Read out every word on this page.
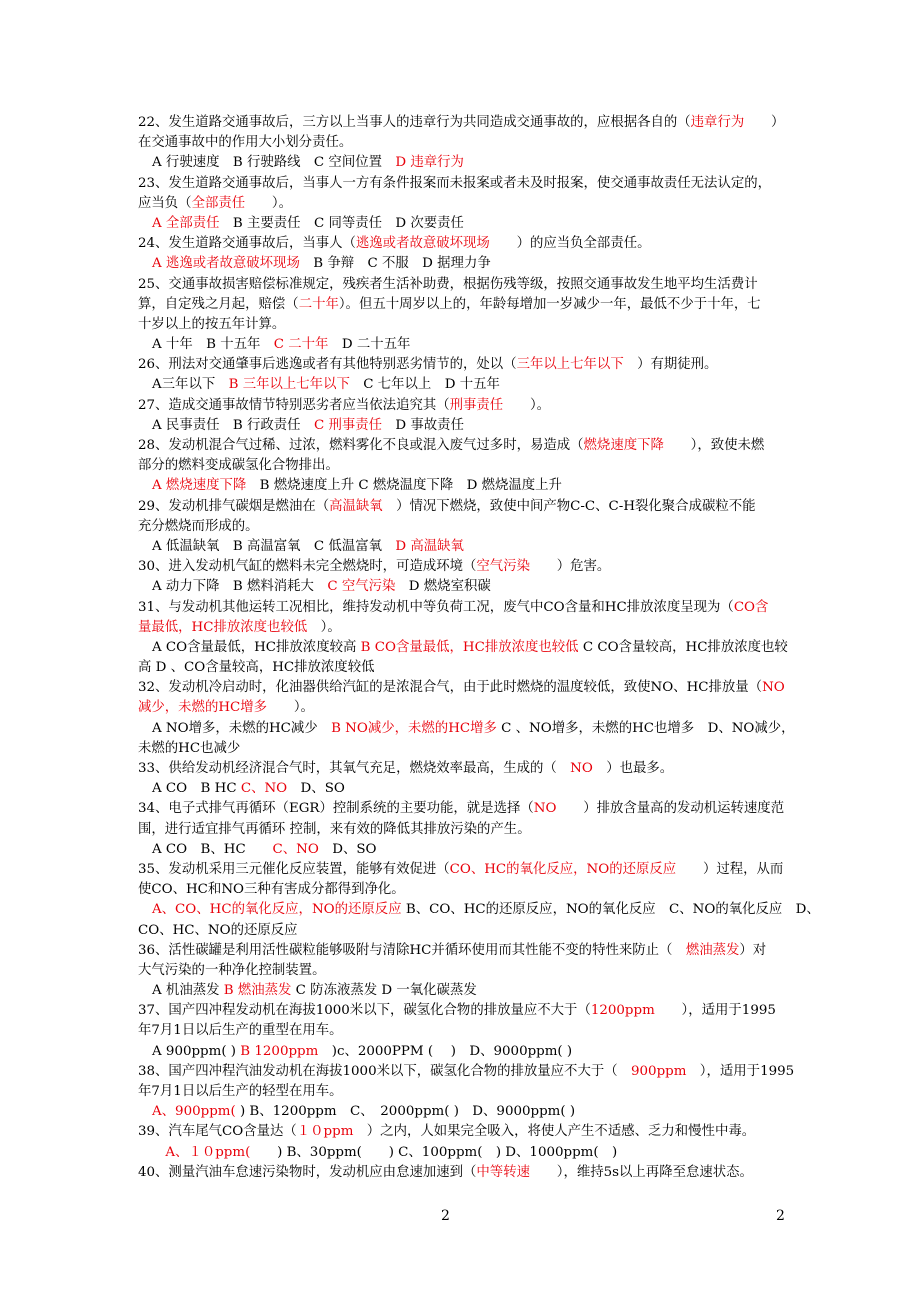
22、发生道路交通事故后，三方以上当事人的违章行为共同造成交通事故的，应根据各自的（违章行为　　）
在交通事故中的作用大小划分责任。
A 行驶速度　B 行驶路线　C 空间位置　D 违章行为
23、发生道路交通事故后，当事人一方有条件报案而未报案或者未及时报案，使交通事故责任无法认定的，
应当负（全部责任　　）。
A 全部责任　B 主要责任　C 同等责任　D 次要责任
24、发生道路交通事故后，当事人（逃逸或者故意破坏现场　　）的应当负全部责任。
A 逃逸或者故意破坏现场　B 争辩　C 不服　D 据理力争
25、交通事故损害赔偿标准规定，残疾者生活补助费，根据伤残等级，按照交通事故发生地平均生活费计
算，自定残之月起，赔偿（二十年）。但五十周岁以上的，年龄每增加一岁减少一年，最低不少于十年，七
十岁以上的按五年计算。
A 十年　B 十五年　C 二十年　D 二十五年
26、刑法对交通肇事后逃逸或者有其他特别恶劣情节的，处以（三年以上七年以下　）有期徒刑。
A三年以下　B 三年以上七年以下　C 七年以上　D 十五年
27、造成交通事故情节特别恶劣者应当依法追究其（刑事责任　　）。
A 民事责任　B 行政责任　C 刑事责任　D 事故责任
28、发动机混合气过稀、过浓，燃料雾化不良或混入废气过多时，易造成（燃烧速度下降　　），致使未燃
部分的燃料变成碳氢化合物排出。
A 燃烧速度下降　B 燃烧速度上升 C 燃烧温度下降　D 燃烧温度上升
29、发动机排气碳烟是燃油在（高温缺氧　）情况下燃烧，致使中间产物C-C、C-H裂化聚合成碳粒不能
充分燃烧而形成的。
A 低温缺氧　B 高温富氧　C 低温富氧　D 高温缺氧
30、进入发动机气缸的燃料未完全燃烧时，可造成环境（空气污染　　）危害。
A 动力下降　B 燃料消耗大　C 空气污染　D 燃烧室积碳
31、与发动机其他运转工况相比，维持发动机中等负荷工况，废气中CO含量和HC排放浓度呈现为（CO含
量最低，HC排放浓度也较低　）。
A CO含量最低，HC排放浓度较高 B CO含量最低，HC排放浓度也较低 C CO含量较高，HC排放浓度也较
高 D 、CO含量较高，HC排放浓度较低
32、发动机冷启动时，化油器供给汽缸的是浓混合气，由于此时燃烧的温度较低，致使NO、HC排放量（NO
减少，未燃的HC增多　　）。
A NO增多，未燃的HC减少　B NO减少，未燃的HC增多 C 、NO增多，未燃的HC也增多　D、NO减少，
未燃的HC也减少
33、供给发动机经济混合气时，其氧气充足，燃烧效率最高，生成的（　NO　）也最多。
A CO　B HC C、NO　D、SO
34、电子式排气再循环（EGR）控制系统的主要功能，就是选择（NO　　）排放含量高的发动机运转速度范
围，进行适宜排气再循环 控制，来有效的降低其排放污染的产生。
A CO　B、HC　　C、NO　D、SO
35、发动机采用三元催化反应装置，能够有效促进（CO、HC的氧化反应，NO的还原反应　　）过程，从而
使CO、HC和NO三种有害成分都得到净化。
A、CO、HC的氧化反应，NO的还原反应 B、CO、HC的还原反应，NO的氧化反应　C、NO的氧化反应　D、
CO、HC、NO的还原反应
36、活性碳罐是利用活性碳粒能够吸附与清除HC并循环使用而其性能不变的特性来防止（　燃油蒸发）对
大气污染的一种净化控制装置。
A 机油蒸发 B 燃油蒸发 C 防冻液蒸发 D 一氧化碳蒸发
37、国产四冲程发动机在海拔1000米以下，碳氢化合物的排放量应不大于（1200ppm　　），适用于1995
年7月1日以后生产的重型在用车。
A 900ppm( ) B 1200ppm　)c、2000PPM (　 )　D、9000ppm( )
38、国产四冲程汽油发动机在海拔1000米以下，碳氢化合物的排放量应不大于（　900ppm　），适用于1995
年7月1日以后生产的轻型在用车。
A、900ppm( ) B、1200ppm　C、　2000ppm( )　D、9000ppm( )
39、汽车尾气CO含量达（１０ppm　）之内，人如果完全吸入，将使人产生不适感、乏力和慢性中毒。
　A、１０ppm(　　) B、30ppm(　　) C、100ppm(　) D、1000ppm(　)
40、测量汽油车怠速污染物时，发动机应由怠速加速到（中等转速　　），维持5s以上再降至怠速状态。
2	2
